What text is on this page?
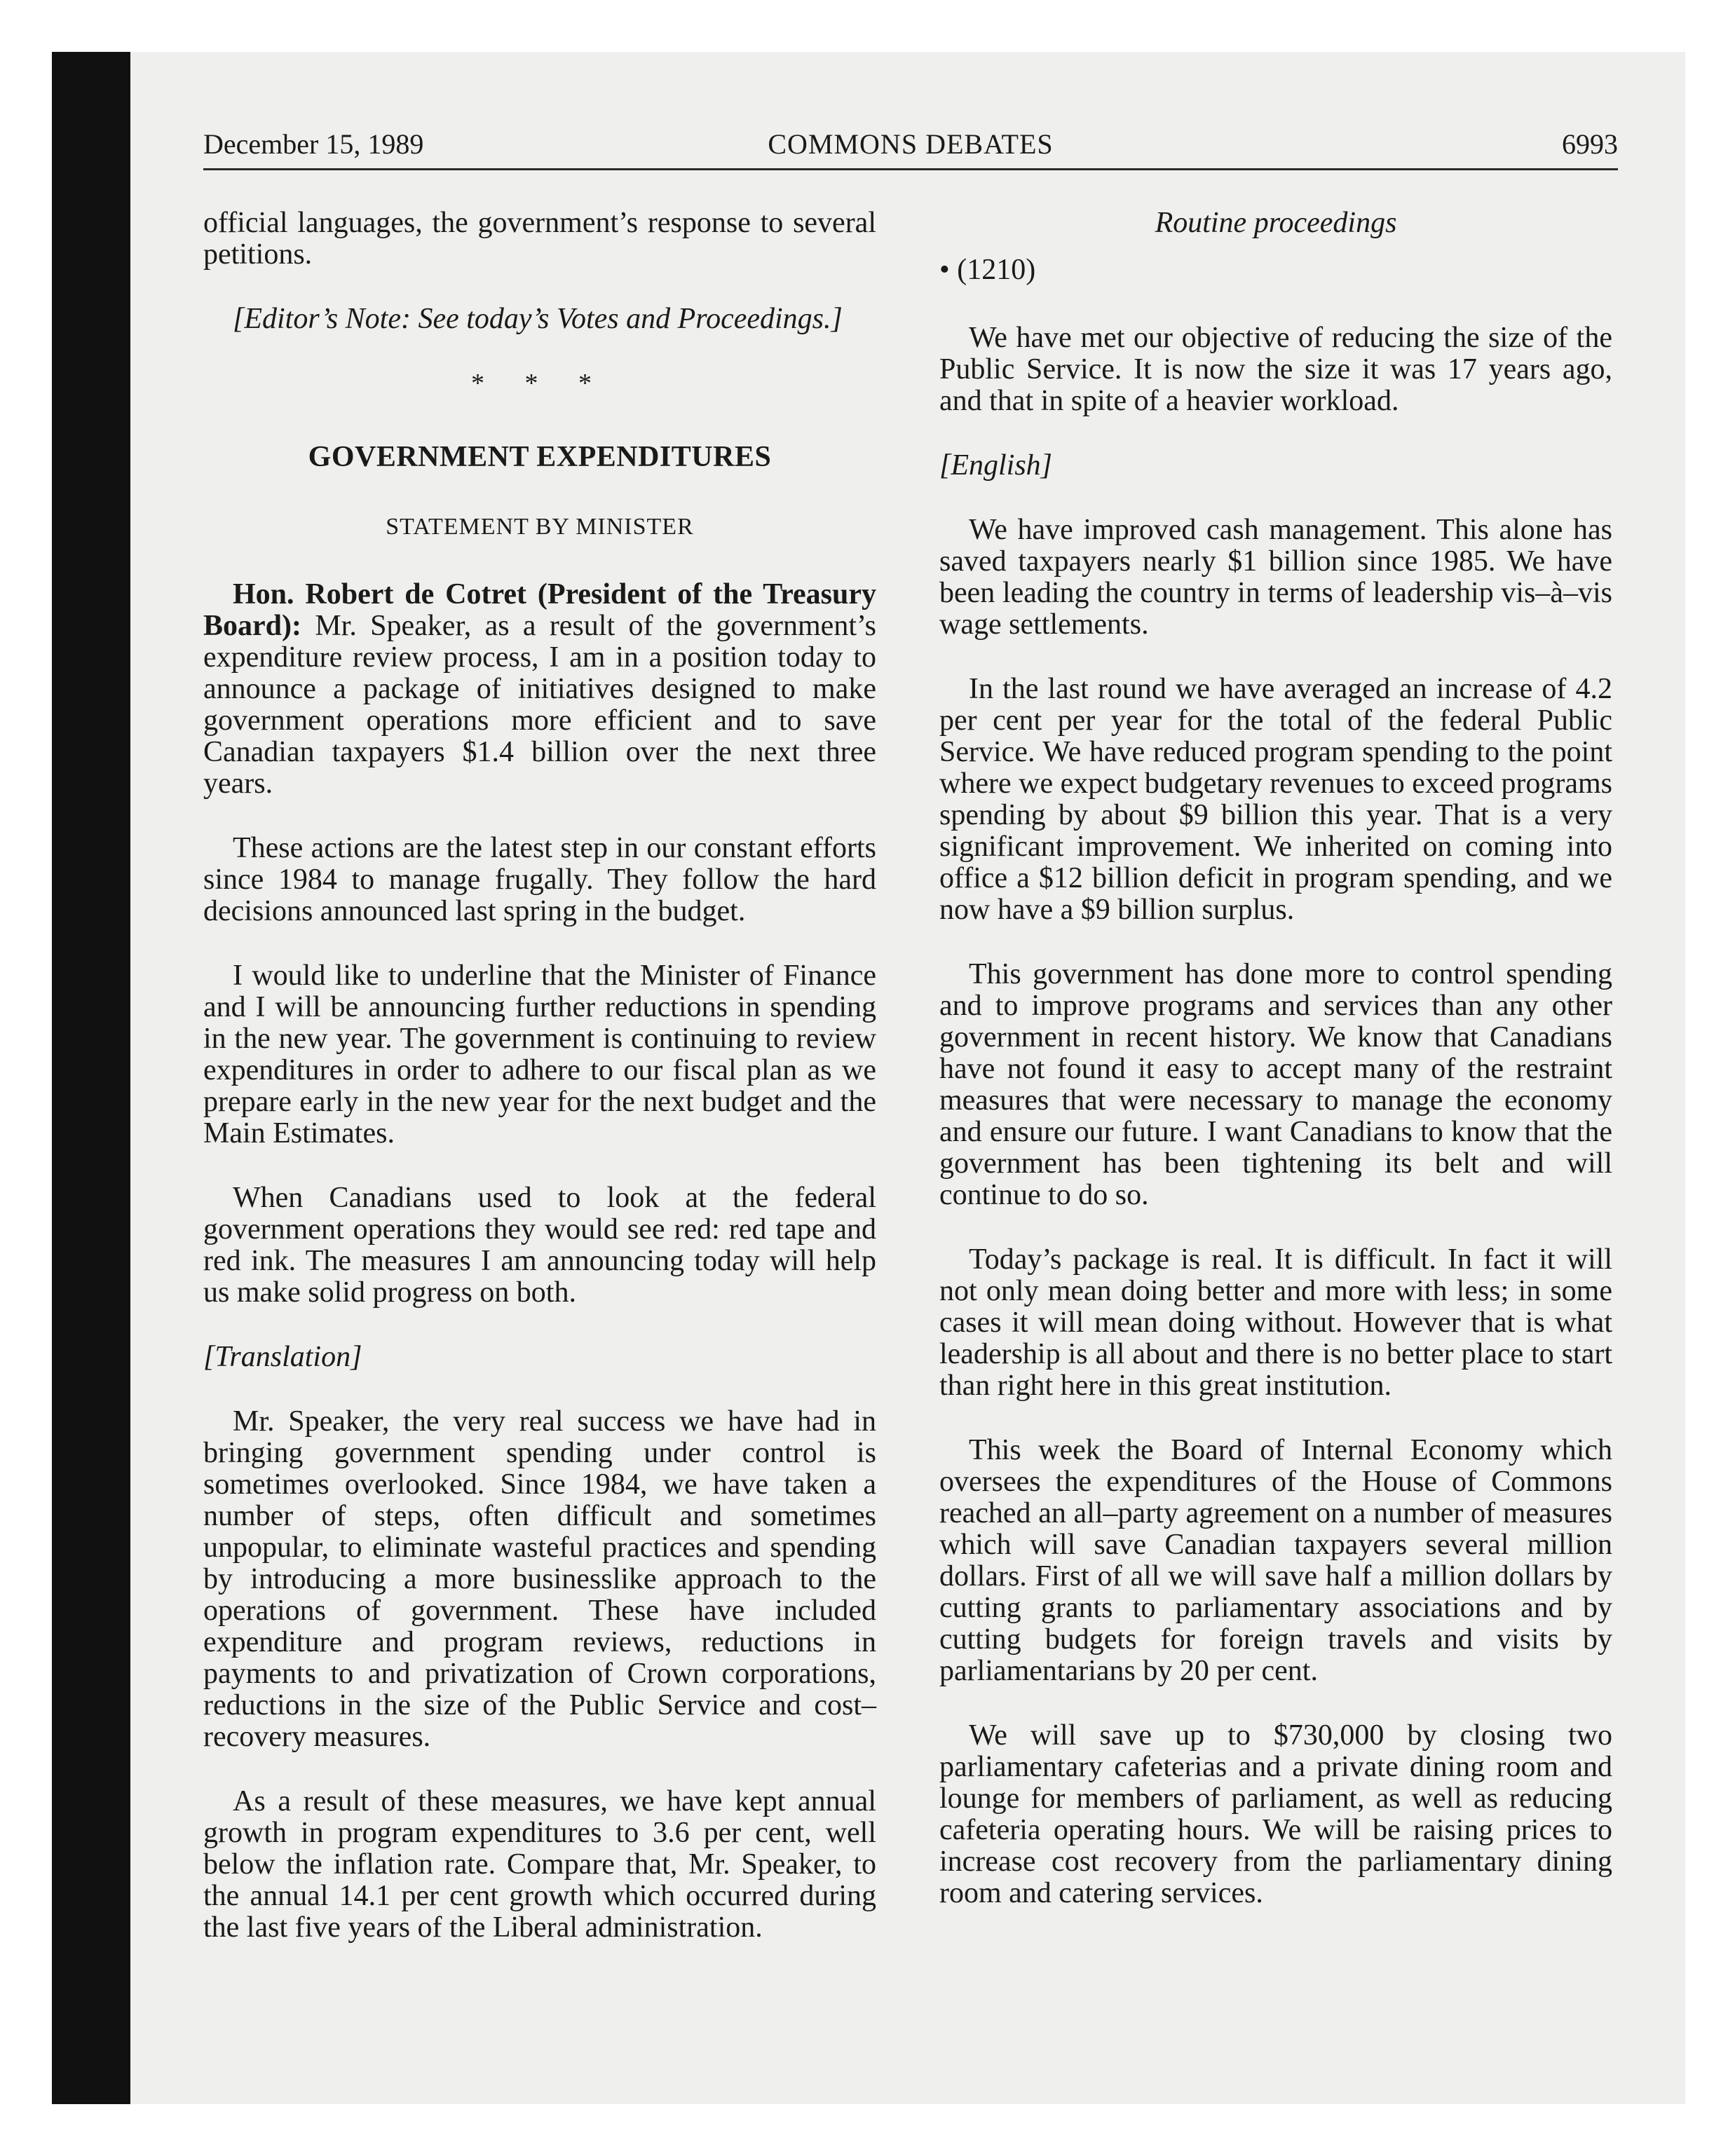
December 15, 1989	COMMONS DEBATES	6993

official languages, the government’s response to several petitions.

[Editor’s Note: See today’s Votes and Proceedings.]

* * *
GOVERNMENT EXPENDITURES
STATEMENT BY MINISTER

Hon. Robert de Cotret (President of the Treasury Board): Mr. Speaker, as a result of the government’s expenditure review process, I am in a position today to announce a package of initiatives designed to make government operations more efficient and to save Canadian taxpayers $1.4 billion over the next three years.

These actions are the latest step in our constant efforts since 1984 to manage frugally. They follow the hard decisions announced last spring in the budget.

I would like to underline that the Minister of Finance and I will be announcing further reductions in spending in the new year. The government is continuing to review expenditures in order to adhere to our fiscal plan as we prepare early in the new year for the next budget and the Main Estimates.

When Canadians used to look at the federal government operations they would see red: red tape and red ink. The measures I am announcing today will help us make solid progress on both.

[Translation]

Mr. Speaker, the very real success we have had in bringing government spending under control is sometimes overlooked. Since 1984, we have taken a number of steps, often difficult and sometimes unpopular, to eliminate wasteful practices and spending by introducing a more businesslike approach to the operations of government. These have included expenditure and program reviews, reductions in payments to and privatization of Crown corporations, reductions in the size of the Public Service and cost–recovery measures.

As a result of these measures, we have kept annual growth in program expenditures to 3.6 per cent, well below the inflation rate. Compare that, Mr. Speaker, to the annual 14.1 per cent growth which occurred during the last five years of the Liberal administration.

Routine proceedings
• (1210)

We have met our objective of reducing the size of the Public Service. It is now the size it was 17 years ago, and that in spite of a heavier workload.

[English]

We have improved cash management. This alone has saved taxpayers nearly $1 billion since 1985. We have been leading the country in terms of leadership vis–à–vis wage settlements.

In the last round we have averaged an increase of 4.2 per cent per year for the total of the federal Public Service. We have reduced program spending to the point where we expect budgetary revenues to exceed programs spending by about $9 billion this year. That is a very significant improvement. We inherited on coming into office a $12 billion deficit in program spending, and we now have a $9 billion surplus.

This government has done more to control spending and to improve programs and services than any other government in recent history. We know that Canadians have not found it easy to accept many of the restraint measures that were necessary to manage the economy and ensure our future. I want Canadians to know that the government has been tightening its belt and will continue to do so.

Today’s package is real. It is difficult. In fact it will not only mean doing better and more with less; in some cases it will mean doing without. However that is what leadership is all about and there is no better place to start than right here in this great institution.

This week the Board of Internal Economy which oversees the expenditures of the House of Commons reached an all–party agreement on a number of measures which will save Canadian taxpayers several million dollars. First of all we will save half a million dollars by cutting grants to parliamentary associations and by cutting budgets for foreign travels and visits by parliamentarians by 20 per cent.

We will save up to $730,000 by closing two parliamentary cafeterias and a private dining room and lounge for members of parliament, as well as reducing cafeteria operating hours. We will be raising prices to increase cost recovery from the parliamentary dining room and catering services.
